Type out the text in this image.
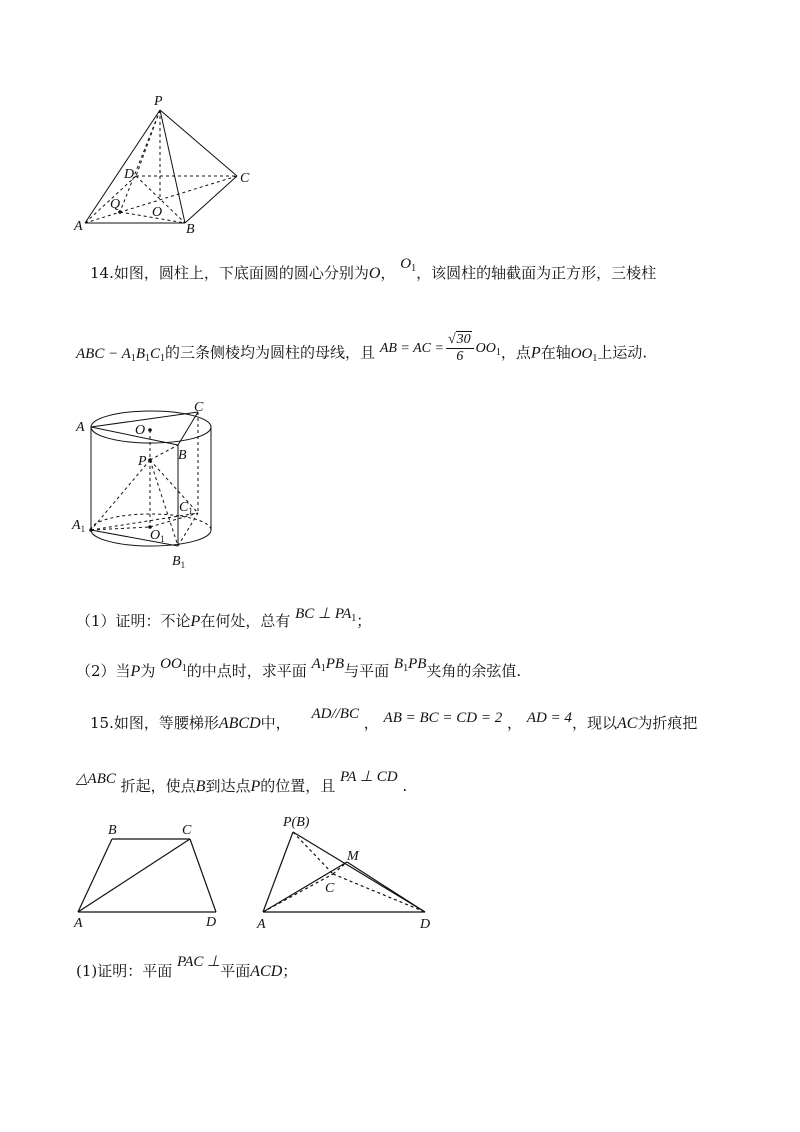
P
D	C
Q
O
A	B
14.如图，圆柱上，下底面圆的圆心分别为O， $O_1$，该圆柱的轴截面为正方形，三棱柱
ABC − $A_1B_1C_1$的三条侧棱均为圆柱的母线，且 AB = AC = $\frac{√30}{6} OO_1$，点P在轴$OO_1$上运动.
A	O
C
P B
$C_1$
$A_1$	$O_1$
$B_1$
（1）证明：不论P在何处，总有 BC ⊥ $PA_1$；
（2）当P为 $OO_1$的中点时，求平面 $A_1PB$与平面 $B_1PB$夹角的余弦值.
15.如图，等腰梯形ABCD中， AD//BC ， AB = BC = CD = 2 ， AD = 4，现以AC为折痕把
△ABC 折起，使点B到达点P的位置，且 PA ⊥ CD .
B	C
A	D
P(B)
M
C
A	D
(1)证明：平面 PAC ⊥平面ACD；
